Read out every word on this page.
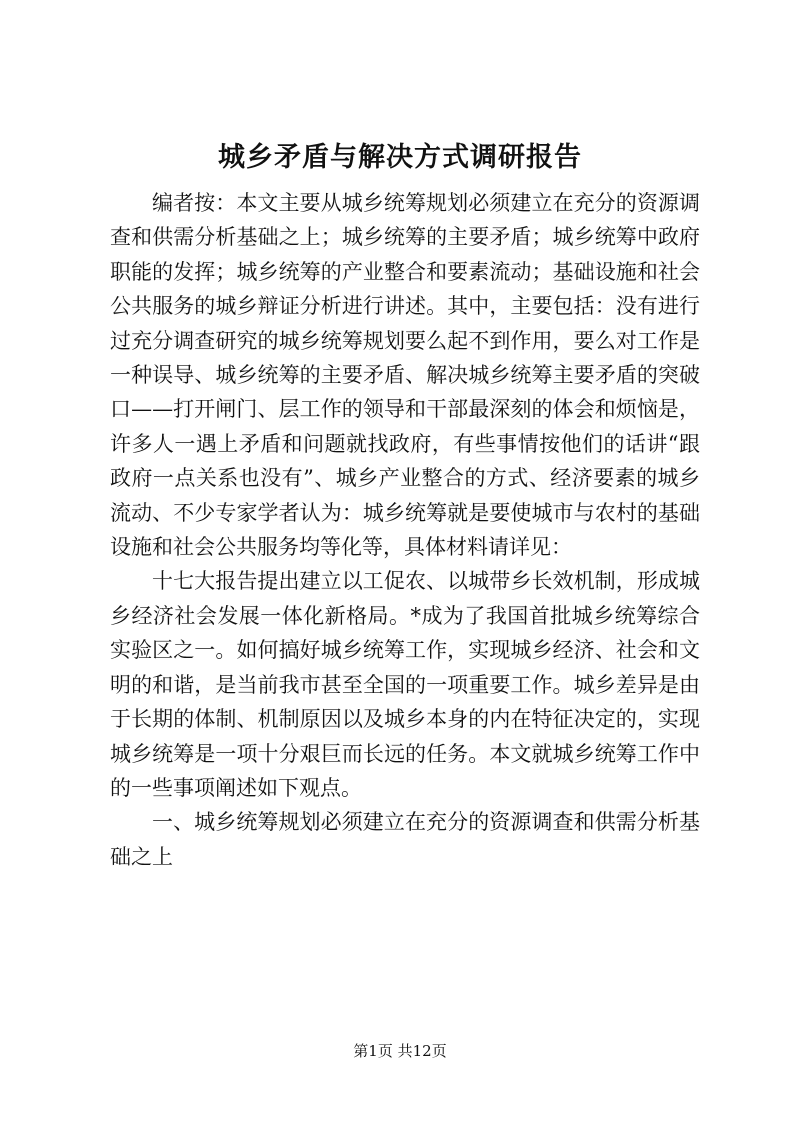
城乡矛盾与解决方式调研报告

编者按：本文主要从城乡统筹规划必须建立在充分的资源调查和供需分析基础之上；城乡统筹的主要矛盾；城乡统筹中政府职能的发挥；城乡统筹的产业整合和要素流动；基础设施和社会公共服务的城乡辩证分析进行讲述。其中，主要包括：没有进行过充分调查研究的城乡统筹规划要么起不到作用，要么对工作是一种误导、城乡统筹的主要矛盾、解决城乡统筹主要矛盾的突破口——打开闸门、层工作的领导和干部最深刻的体会和烦恼是，许多人一遇上矛盾和问题就找政府，有些事情按他们的话讲“跟政府一点关系也没有”、城乡产业整合的方式、经济要素的城乡流动、不少专家学者认为：城乡统筹就是要使城市与农村的基础设施和社会公共服务均等化等，具体材料请详见：

十七大报告提出建立以工促农、以城带乡长效机制，形成城乡经济社会发展一体化新格局。*成为了我国首批城乡统筹综合实验区之一。如何搞好城乡统筹工作，实现城乡经济、社会和文明的和谐，是当前我市甚至全国的一项重要工作。城乡差异是由于长期的体制、机制原因以及城乡本身的内在特征决定的，实现城乡统筹是一项十分艰巨而长远的任务。本文就城乡统筹工作中的一些事项阐述如下观点。

一、城乡统筹规划必须建立在充分的资源调查和供需分析基础之上

第1页 共12页
